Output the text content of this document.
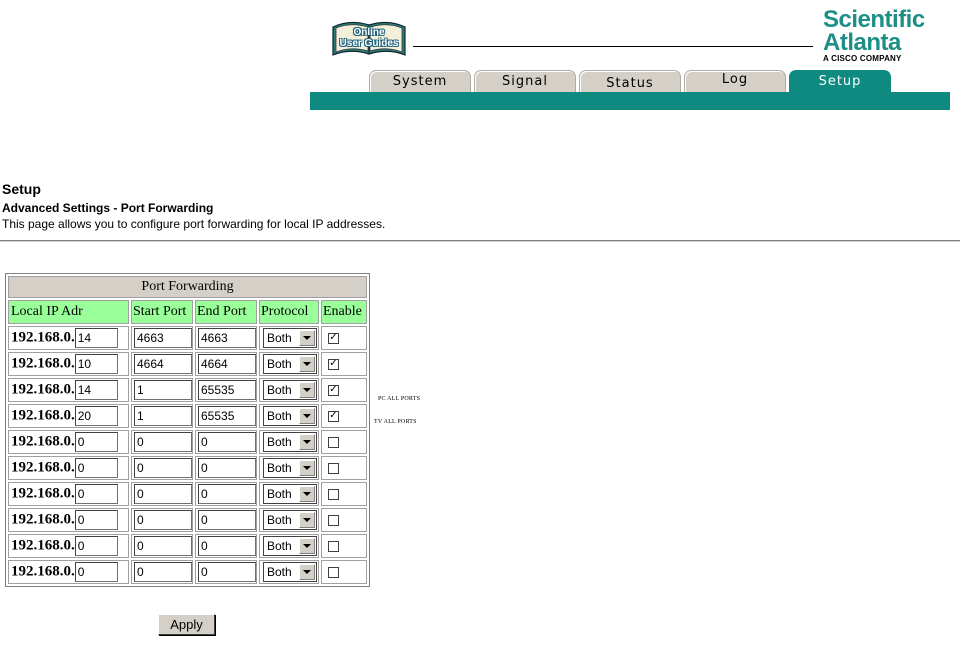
Online
User Guides
Scientific
Atlanta
A CISCO COMPANY
System	Signal	Status	Log	Setup
Setup
Advanced Settings - Port Forwarding
This page allows you to configure port forwarding for local IP addresses.
Port Forwarding				
Local IP Adr	Start Port	End Port	Protocol	Enable
192.168.0.14	4663	4663	Both	✓

192.168.0.10	4664	4664	Both	✓

192.168.0.14	1	65535	Both	✓

192.168.0.20	1	65535	Both	✓

192.168.0.0	0	0	Both	

192.168.0.0	0	0	Both	

192.168.0.0	0	0	Both	

192.168.0.0	0	0	Both	

192.168.0.0	0	0	Both	

192.168.0.0	0	0	Both	

PC ALL PORTS
TV ALL PORTS
Apply
